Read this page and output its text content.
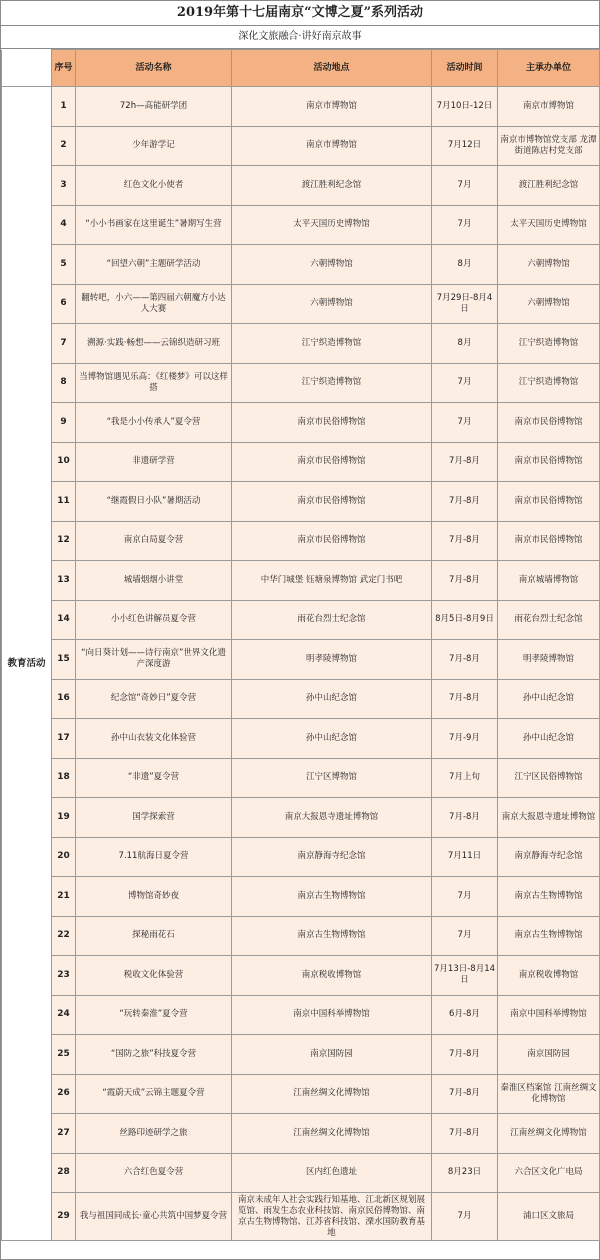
2019年第十七届南京“文博之夏”系列活动
深化文旅融合·讲好南京故事
	序号	活动名称	活动地点	活动时间	主承办单位
教育活动	1	72h—高能研学团	南京市博物馆	7月10日-12日	南京市博物馆
	2	少年游学记	南京市博物馆	7月12日	南京市博物馆党支部 龙潭街道陈店村党支部
	3	红色文化小使者	渡江胜利纪念馆	7月	渡江胜利纪念馆
	4	“小小书画家在这里诞生”暑期写生营	太平天国历史博物馆	7月	太平天国历史博物馆
	5	“回望六朝”主题研学活动	六朝博物馆	8月	六朝博物馆
	6	翻转吧，小六——第四届六朝魔方小达人大赛	六朝博物馆	7月29日-8月4日	六朝博物馆
	7	溯源·实践·畅想——云锦织造研习班	江宁织造博物馆	8月	江宁织造博物馆
	8	当博物馆遇见乐高：《红楼梦》可以这样搭	江宁织造博物馆	7月	江宁织造博物馆
	9	“我是小小传承人”夏令营	南京市民俗博物馆	7月	南京市民俗博物馆
	10	非遗研学营	南京市民俗博物馆	7月-8月	南京市民俗博物馆
	11	“继霞假日小队”暑期活动	南京市民俗博物馆	7月-8月	南京市民俗博物馆
	12	南京白局夏令营	南京市民俗博物馆	7月-8月	南京市民俗博物馆
	13	城墙烟烟小讲堂	中华门城堡 钰塘泉博物馆 武定门书吧	7月-8月	南京城墙博物馆
	14	小小红色讲解员夏令营	雨花台烈士纪念馆	8月5日-8月9日	雨花台烈士纪念馆
	15	“向日葵计划——诗行南京”世界文化遗产深度游	明孝陵博物馆	7月-8月	明孝陵博物馆
	16	纪念馆“奇妙日”夏令营	孙中山纪念馆	7月-8月	孙中山纪念馆
	17	孙中山衣装文化体验营	孙中山纪念馆	7月-9月	孙中山纪念馆
	18	“非遗”夏令营	江宁区博物馆	7月上旬	江宁区民俗博物馆
	19	国学探索营	南京大报恩寺遗址博物馆	7月-8月	南京大报恩寺遗址博物馆
	20	7.11航海日夏令营	南京静海寺纪念馆	7月11日	南京静海寺纪念馆
	21	博物馆奇妙夜	南京古生物博物馆	7月	南京古生物博物馆
	22	探秘雨花石	南京古生物博物馆	7月	南京古生物博物馆
	23	税收文化体验营	南京税收博物馆	7月13日-8月14日	南京税收博物馆
	24	“玩转秦淮”夏令营	南京中国科举博物馆	6月-8月	南京中国科举博物馆
	25	“国防之旅”科技夏令营	南京国防园	7月-8月	南京国防园
	26	“霞蔚天成”云锦主题夏令营	江南丝绸文化博物馆	7月-8月	秦淮区档案馆 江南丝绸文化博物馆
	27	丝路印迹研学之旅	江南丝绸文化博物馆	7月-8月	江南丝绸文化博物馆
	28	六合红色夏令营	区内红色遗址	8月23日	六合区文化广电局
	29	我与祖国同成长·童心共筑中国梦夏令营	南京未成年人社会实践行知基地、江北新区规划展览馆、雨发生态农业科技馆、南京民俗博物馆、南京古生物博物馆、江苏省科技馆、溧水国防教育基地	7月	浦口区文旅局
